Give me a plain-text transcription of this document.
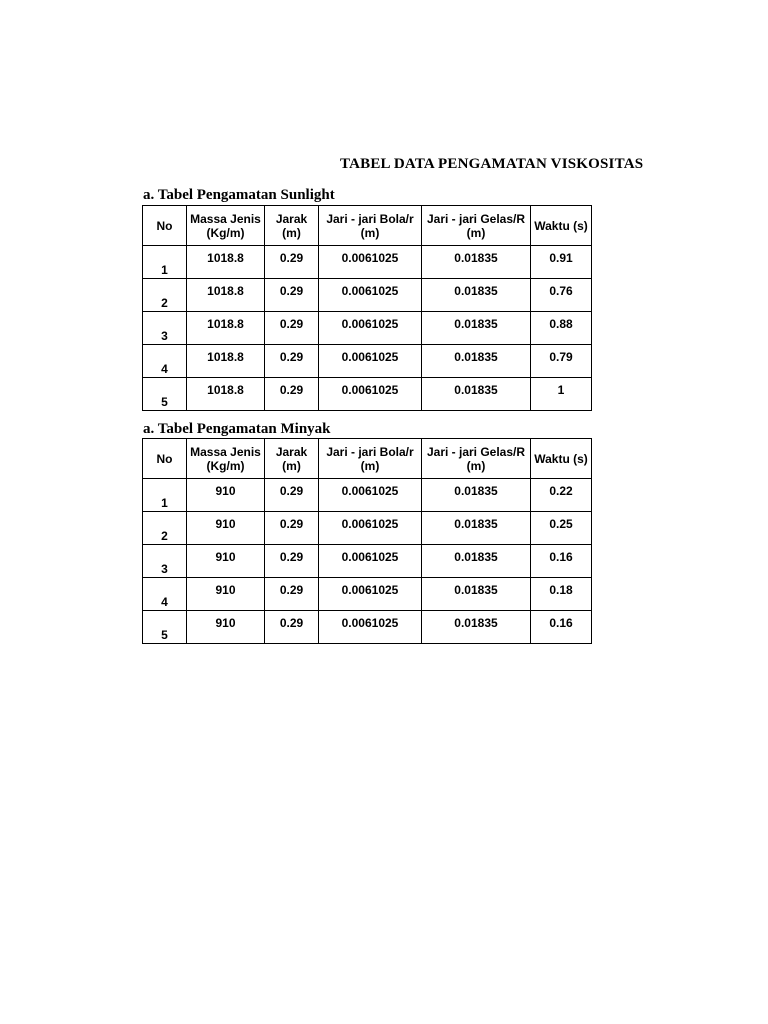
TABEL DATA PENGAMATAN VISKOSITAS
a. Tabel Pengamatan Sunlight
No	Massa Jenis (Kg/m)	Jarak (m)	Jari - jari Bola/r (m)	Jari - jari Gelas/R (m)	Waktu (s)
1	1018.8	0.29	0.0061025	0.01835	0.91
2	1018.8	0.29	0.0061025	0.01835	0.76
3	1018.8	0.29	0.0061025	0.01835	0.88
4	1018.8	0.29	0.0061025	0.01835	0.79
5	1018.8	0.29	0.0061025	0.01835	1
a. Tabel Pengamatan Minyak
No	Massa Jenis (Kg/m)	Jarak (m)	Jari - jari Bola/r (m)	Jari - jari Gelas/R (m)	Waktu (s)
1	910	0.29	0.0061025	0.01835	0.22
2	910	0.29	0.0061025	0.01835	0.25
3	910	0.29	0.0061025	0.01835	0.16
4	910	0.29	0.0061025	0.01835	0.18
5	910	0.29	0.0061025	0.01835	0.16
